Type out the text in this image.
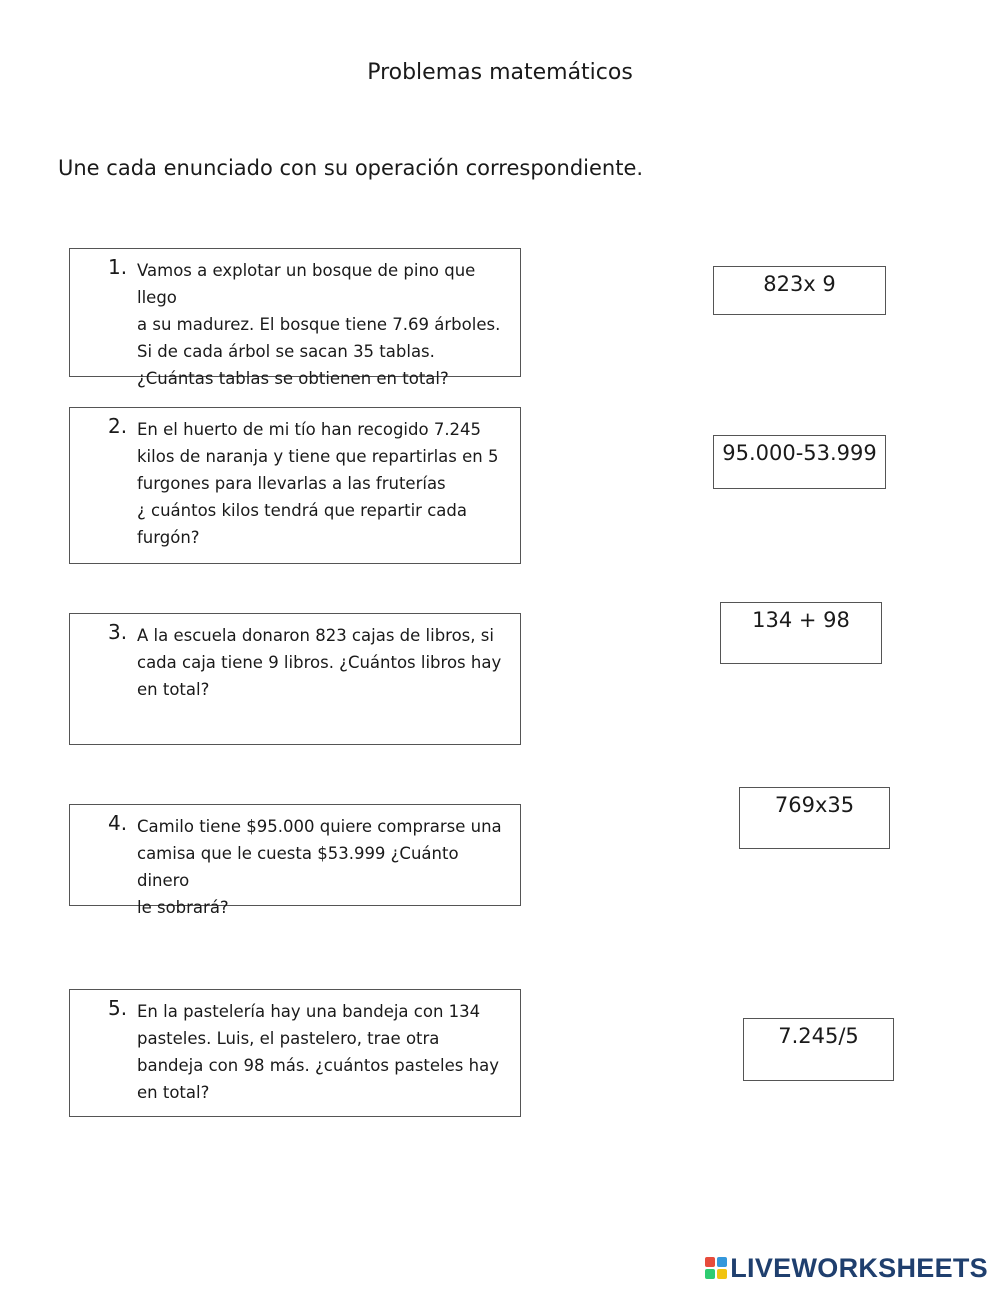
Problemas matemáticos
Une cada enunciado con su operación correspondiente.
1. Vamos a explotar un bosque de pino que llego
a su madurez. El bosque tiene 7.69 árboles.
Si de cada árbol se sacan 35 tablas.
¿Cuántas tablas se obtienen en total?
2. En el huerto de mi tío han recogido 7.245
kilos de naranja y tiene que repartirlas en 5
furgones para llevarlas a las fruterías
¿ cuántos kilos tendrá que repartir cada
furgón?
3. A la escuela donaron 823 cajas de libros, si
cada caja tiene 9 libros. ¿Cuántos libros hay
en total?
4. Camilo tiene $95.000 quiere comprarse una
camisa que le cuesta $53.999 ¿Cuánto dinero
le sobrará?
5. En la pastelería hay una bandeja con 134
pasteles. Luis, el pastelero, trae otra
bandeja con 98 más. ¿cuántos pasteles hay
en total?
823x 9
95.000-53.999
134 + 98
769x35
7.245/5
LIVEWORKSHEETS
